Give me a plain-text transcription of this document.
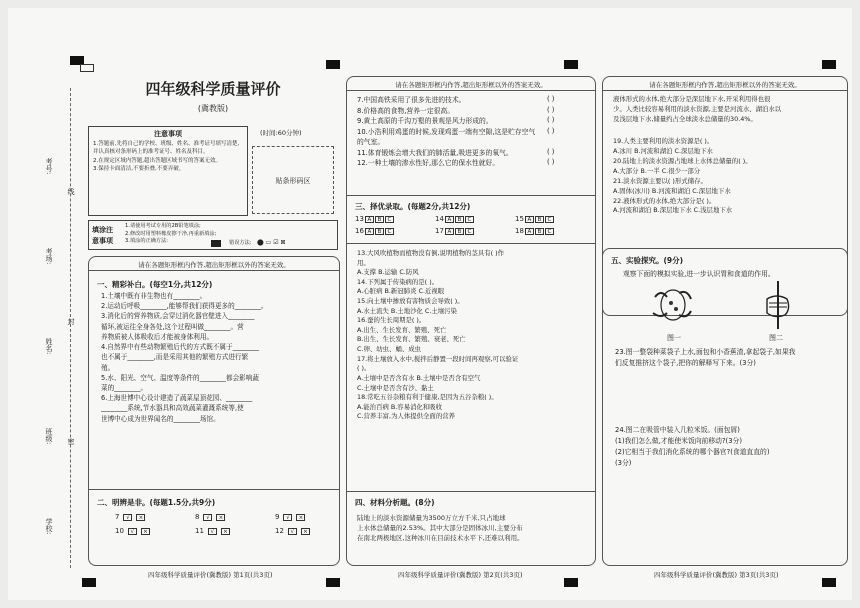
考号:
考场:
姓名:
班级:
学校:
线
封
密
四年级科学质量评价
(冀教版)
注意事项
1.答题前,先将自己的学校、班级、姓名、准考证号填写清楚,并认真核对条形码上的准考证号、姓名及科目。
2.在规定区域内答题,超出答题区域书写的答案无效。
3.保持卡面清洁,不要折叠,不要弄破。
(时间:60分钟)
贴条形码区
填涂注
意事项
1.请使用考试专用的2B铅笔填涂;
2.修改时用塑料橡皮擦干净,再重新填涂;
3.填涂的正确方法:	错误方法: ⬤ ▭ ☑ ⊠
请在各题矩形框内作答,超出矩形框以外的答案无效。
一、精彩补白。(每空1分,共12分)
1.土壤中既有非生物也有________。
2.运动后呼吸________,能够帮我们获得更多的________。
3.消化后的营养物质,会穿过消化器官壁进入________
循环,被运往全身各处,这个过程叫做________。营
养物质被人体吸收后才能被身体利用。
4.自然界中有些动物繁殖后代的方式既不属于________
也不属于________,而是采用其他的繁殖方式进行繁
殖。
5.水、阳光、空气、温度等条件的________都会影响蔬
菜的________。
6.上海世博中心设计建造了蔬菜屋顶花园、________
________系统,节水器具和高效蔬菜灌溉系统等,使
世博中心成为世界闻名的________场馆。
二、明辨是非。(每题1.5分,共9分)
7 √ ×	8 √ ×	9 √ ×
10 √ ×	11 √ ×	12 √ ×
四年级科学质量评价(冀教版) 第1页(共3页)
请在各题矩形框内作答,超出矩形框以外的答案无效。
7.中国高铁采用了很多先进的技术。
8.价格高的食物,营养一定很高。
9.黄土高原的千沟万壑的景观是风力形成的。
10.小浩利用鸡蛋的时候,发现鸡蛋一端有空隙,这是贮存空气
的气室。
11.体育锻炼会增大我们的肺活量,吸进更多的氧气。
12.一种土壤的渗水性好,那么它的保水性就好。
( )
( )
( )
( )
( )
( )
三、择优录取。(每题2分,共12分)
13 A B C	14 A B C	15 A B C
16 A B C	17 A B C	18 A B C
13.大风吹植物而植物没有倒,说明植物的茎具有( )作
用。
A.支撑 B.运输 C.防风
14.下列属于传染病的是( )。
A.心脏病 B.新冠肺炎 C.近视眼
15.向土壤中掺放有害物质会导致( )。
A.水土流失 B.土地沙化 C.土壤污染
16.蚕的生长周期是( )。
A.出生、生长发育、繁殖、死亡
B.出生、生长发育、繁殖、衰老、死亡
C.卵、幼虫、蛹、成虫
17.将土壤放入水中,搅拌后静置一段时间再观察,可以验证
( )。
A.土壤中是否含有水 B.土壤中是否含有空气
C.土壤中是否含有沙、黏土
18.常吃五谷杂粮有利于健康,是因为五谷杂粮( )。
A.能治百病 B.容易消化和吸收
C.营养丰富,为人体提供全面的营养
四、材料分析题。(8分)
陆地上的淡水资源储量为3500万立方千米,只占地球
上水体总储量的2.53%。其中大部分是固体冰川,主要分布
在南北两极地区,这种冰川在目前技术水平下,还难以利用。
四年级科学质量评价(冀教版) 第2页(共3页)
请在各题矩形框内作答,超出矩形框以外的答案无效。
液体形式的水体,绝大部分是深层地下水,开采利用得也很
少。人类比较容易利用的淡水资源,主要是河流水、湖泊水以
及浅层地下水,储量约占全球淡水总储量的30.4%。
19.人类主要利用的淡水资源是( )。
A.冰川 B.河流和湖泊 C.深层地下水
20.陆地上的淡水资源占地球上水体总储量的( )。
A.大部分 B.一半 C.很少一部分
21.淡水资源主要以( )形式储存。
A.固体(冰川) B.河流和湖泊 C.深层地下水
22.液体形式的水体,绝大部分是( )。
A.河流和湖泊 B.深层地下水 C.浅层地下水
五、实验探究。(9分)
观察下面的模拟实验,进一步认识胃和食道的作用。
图一	图二
23.图一整袋种菜袋子上水,面包和小香蕉渣,拿起袋子,如果我
们反复推挤这个袋子,把你的解释写下来。(3分)
24.图二在吸管中装入几粒米饭。(面包屑)
(1)我们怎么做,才能使米饭向前移动?(3分)
(2)它相当于我们消化系统的哪个器官?(食道直直的)
(3分)
四年级科学质量评价(冀教版) 第3页(共3页)
